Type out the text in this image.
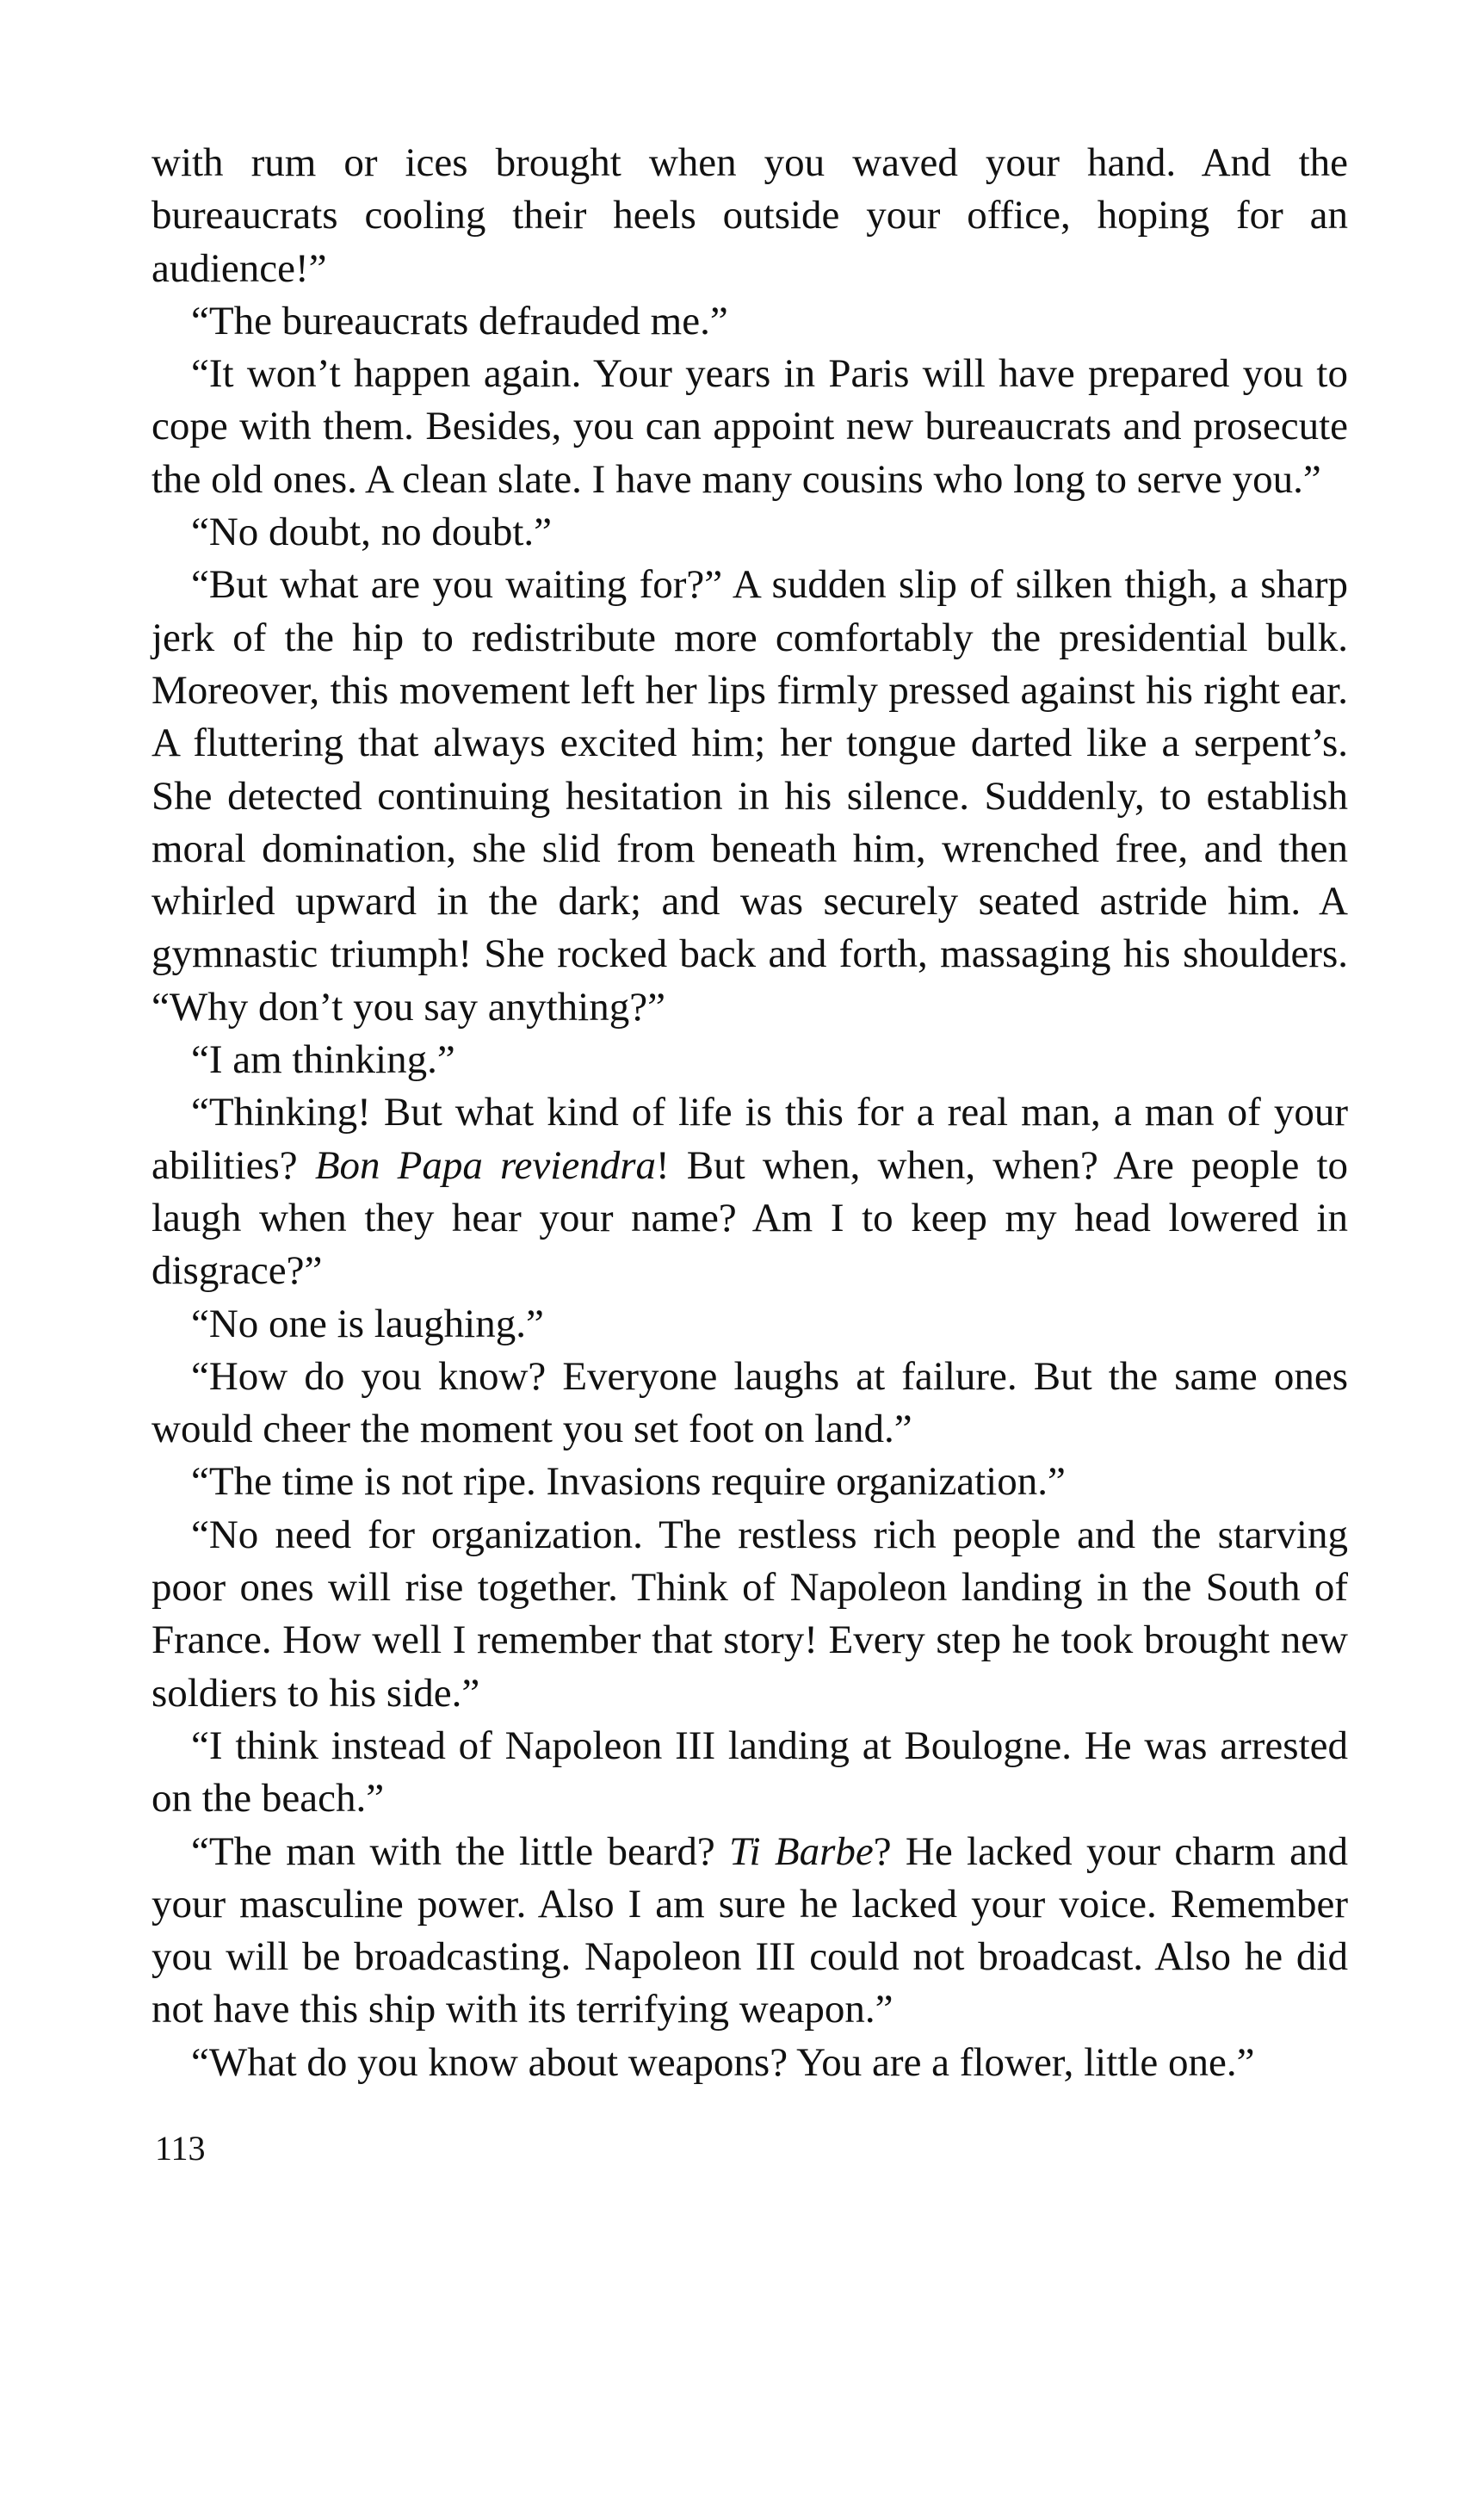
with rum or ices brought when you waved your hand. And the bureaucrats cooling their heels outside your office, hoping for an audience!”

“The bureaucrats defrauded me.”

“It won’t happen again. Your years in Paris will have prepared you to cope with them. Besides, you can appoint new bureaucrats and prosecute the old ones. A clean slate. I have many cousins who long to serve you.”

“No doubt, no doubt.”

“But what are you waiting for?” A sudden slip of silken thigh, a sharp jerk of the hip to redistribute more comfortably the presidential bulk. Moreover, this movement left her lips firmly pressed against his right ear. A fluttering that always excited him; her tongue darted like a serpent’s. She detected continuing hesitation in his silence. Suddenly, to establish moral domination, she slid from beneath him, wrenched free, and then whirled upward in the dark; and was securely seated astride him. A gymnastic triumph! She rocked back and forth, massaging his shoulders. “Why don’t you say anything?”

“I am thinking.”

“Thinking! But what kind of life is this for a real man, a man of your abilities? Bon Papa reviendra! But when, when, when? Are people to laugh when they hear your name? Am I to keep my head lowered in disgrace?”

“No one is laughing.”

“How do you know? Everyone laughs at failure. But the same ones would cheer the moment you set foot on land.”

“The time is not ripe. Invasions require organization.”

“No need for organization. The restless rich people and the starving poor ones will rise together. Think of Napoleon landing in the South of France. How well I remember that story! Every step he took brought new soldiers to his side.”

“I think instead of Napoleon III landing at Boulogne. He was arrested on the beach.”

“The man with the little beard? Ti Barbe? He lacked your charm and your masculine power. Also I am sure he lacked your voice. Remember you will be broadcasting. Napoleon III could not broadcast. Also he did not have this ship with its terrifying weapon.”

“What do you know about weapons? You are a flower, little one.”

113
